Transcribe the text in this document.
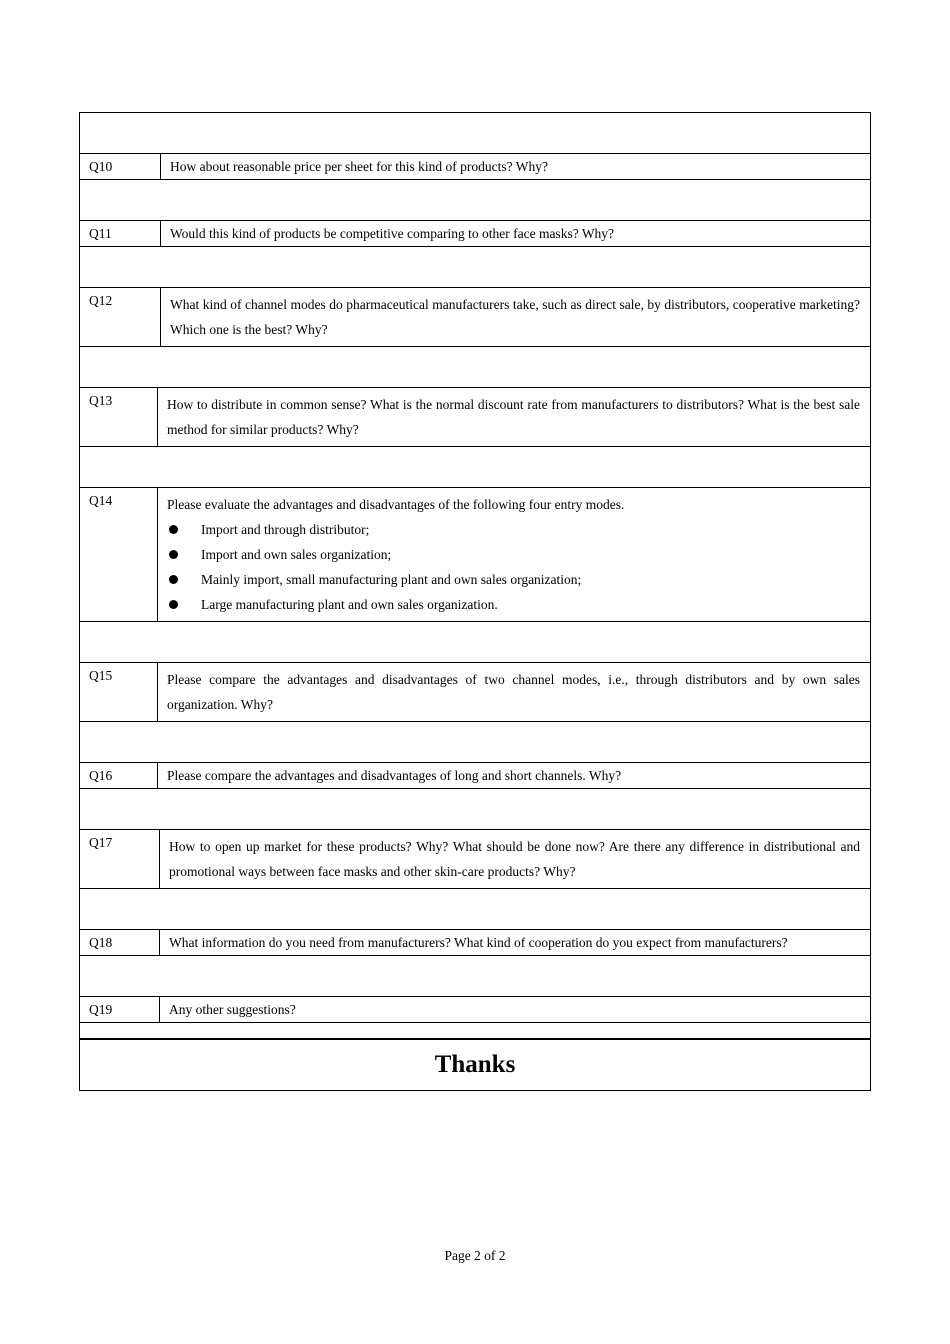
Q10	How about reasonable price per sheet for this kind of products? Why?
Q11	Would this kind of products be competitive comparing to other face masks? Why?
Q12	What kind of channel modes do pharmaceutical manufacturers take, such as direct sale, by distributors, cooperative marketing? Which one is the best? Why?
Q13	How to distribute in common sense? What is the normal discount rate from manufacturers to distributors? What is the best sale method for similar products? Why?
Q14	Please evaluate the advantages and disadvantages of the following four entry modes.
Import and through distributor;
Import and own sales organization;
Mainly import, small manufacturing plant and own sales organization;
Large manufacturing plant and own sales organization.
Q15	Please compare the advantages and disadvantages of two channel modes, i.e., through distributors and by own sales organization. Why?
Q16	Please compare the advantages and disadvantages of long and short channels. Why?
Q17	How to open up market for these products? Why? What should be done now? Are there any difference in distributional and promotional ways between face masks and other skin-care products? Why?
Q18	What information do you need from manufacturers? What kind of cooperation do you expect from manufacturers?
Q19	Any other suggestions?
Thanks
Page 2 of 2
